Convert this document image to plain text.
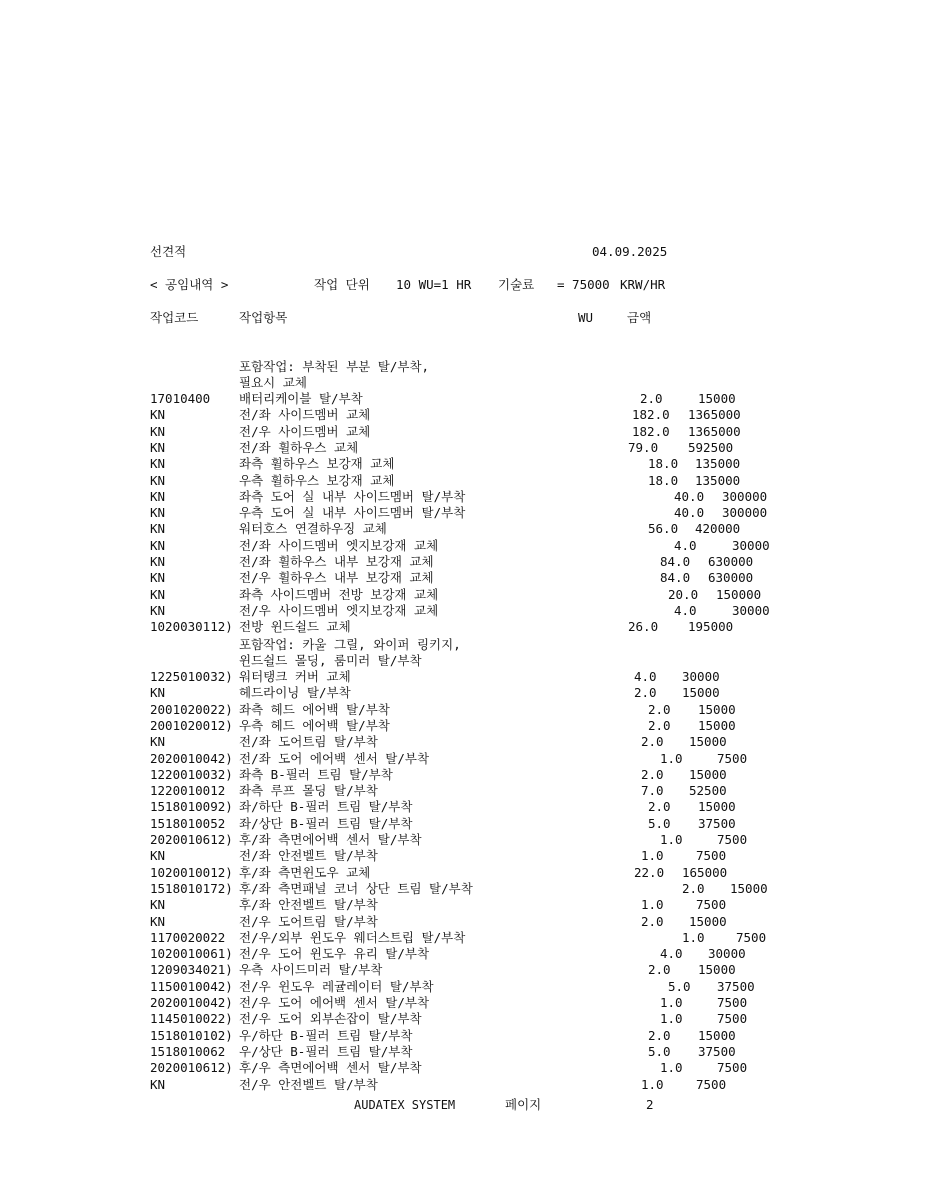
선견적	04.09.2025
< 공임내역 >	작업 단위 10 WU=1 HR 기술료 = 75000 KRW/HR
작업코드	작업항목	WU	금액
포함작업: 부착된 부분 탈/부착,
필요시 교체
17010400 배터리케이블 탈/부착	2.0	15000
KN	전/좌 사이드멤버 교체	182.0 1365000
KN	전/우 사이드멤버 교체	182.0 1365000
KN	전/좌 휠하우스 교체	79.0 592500
KN	좌측 휠하우스 보강재 교체	18.0 135000
KN	우측 휠하우스 보강재 교체	18.0 135000
KN	좌측 도어 실 내부 사이드멤버 탈/부착	40.0 300000
KN	우측 도어 실 내부 사이드멤버 탈/부착	40.0 300000
KN	워터호스 연결하우징 교체	56.0 420000
KN	전/좌 사이드멤버 엣지보강재 교체	4.0	30000
KN	전/좌 휠하우스 내부 보강재 교체	84.0 630000
KN	전/우 휠하우스 내부 보강재 교체	84.0 630000
KN	좌측 사이드멤버 전방 보강재 교체	20.0 150000
KN	전/우 사이드멤버 엣지보강재 교체	4.0	30000
1020030112) 전방 윈드쉴드 교체	26.0 195000
포함작업: 카울 그릴, 와이퍼 링키지,
윈드쉴드 몰딩, 룸미러 탈/부착
1225010032) 워터탱크 커버 교체	4.0 30000
KN	헤드라이닝 탈/부착	2.0 15000
2001020022) 좌측 헤드 에어백 탈/부착	2.0 15000
2001020012) 우측 헤드 에어백 탈/부착	2.0 15000
KN	전/좌 도어트림 탈/부착	2.0 15000
2020010042) 전/좌 도어 에어백 센서 탈/부착	1.0	7500
1220010032) 좌측 B-필러 트림 탈/부착	2.0 15000
1220010012 좌측 루프 몰딩 탈/부착	7.0 52500
1518010092) 좌/하단 B-필러 트림 탈/부착	2.0 15000
1518010052 좌/상단 B-필러 트림 탈/부착	5.0 37500
2020010612) 후/좌 측면에어백 센서 탈/부착	1.0	7500
KN	전/좌 안전벨트 탈/부착	1.0	7500
1020010012) 후/좌 측면윈도우 교체	22.0 165000
1518010172) 후/좌 측면패널 코너 상단 트림 탈/부착	2.0 15000
KN	후/좌 안전벨트 탈/부착	1.0	7500
KN	전/우 도어트림 탈/부착	2.0 15000
1170020022 전/우/외부 윈도우 웨더스트립 탈/부착	1.0	7500
1020010061) 전/우 도어 윈도우 유리 탈/부착	4.0 30000
1209034021) 우측 사이드미러 탈/부착	2.0 15000
1150010042) 전/우 윈도우 레귤레이터 탈/부착	5.0 37500
2020010042) 전/우 도어 에어백 센서 탈/부착	1.0	7500
1145010022) 전/우 도어 외부손잡이 탈/부착	1.0	7500
1518010102) 우/하단 B-필러 트림 탈/부착	2.0 15000
1518010062 우/상단 B-필러 트림 탈/부착	5.0 37500
2020010612) 후/우 측면에어백 센서 탈/부착	1.0	7500
KN	전/우 안전벨트 탈/부착	1.0	7500
AUDATEX SYSTEM	페이지	2
